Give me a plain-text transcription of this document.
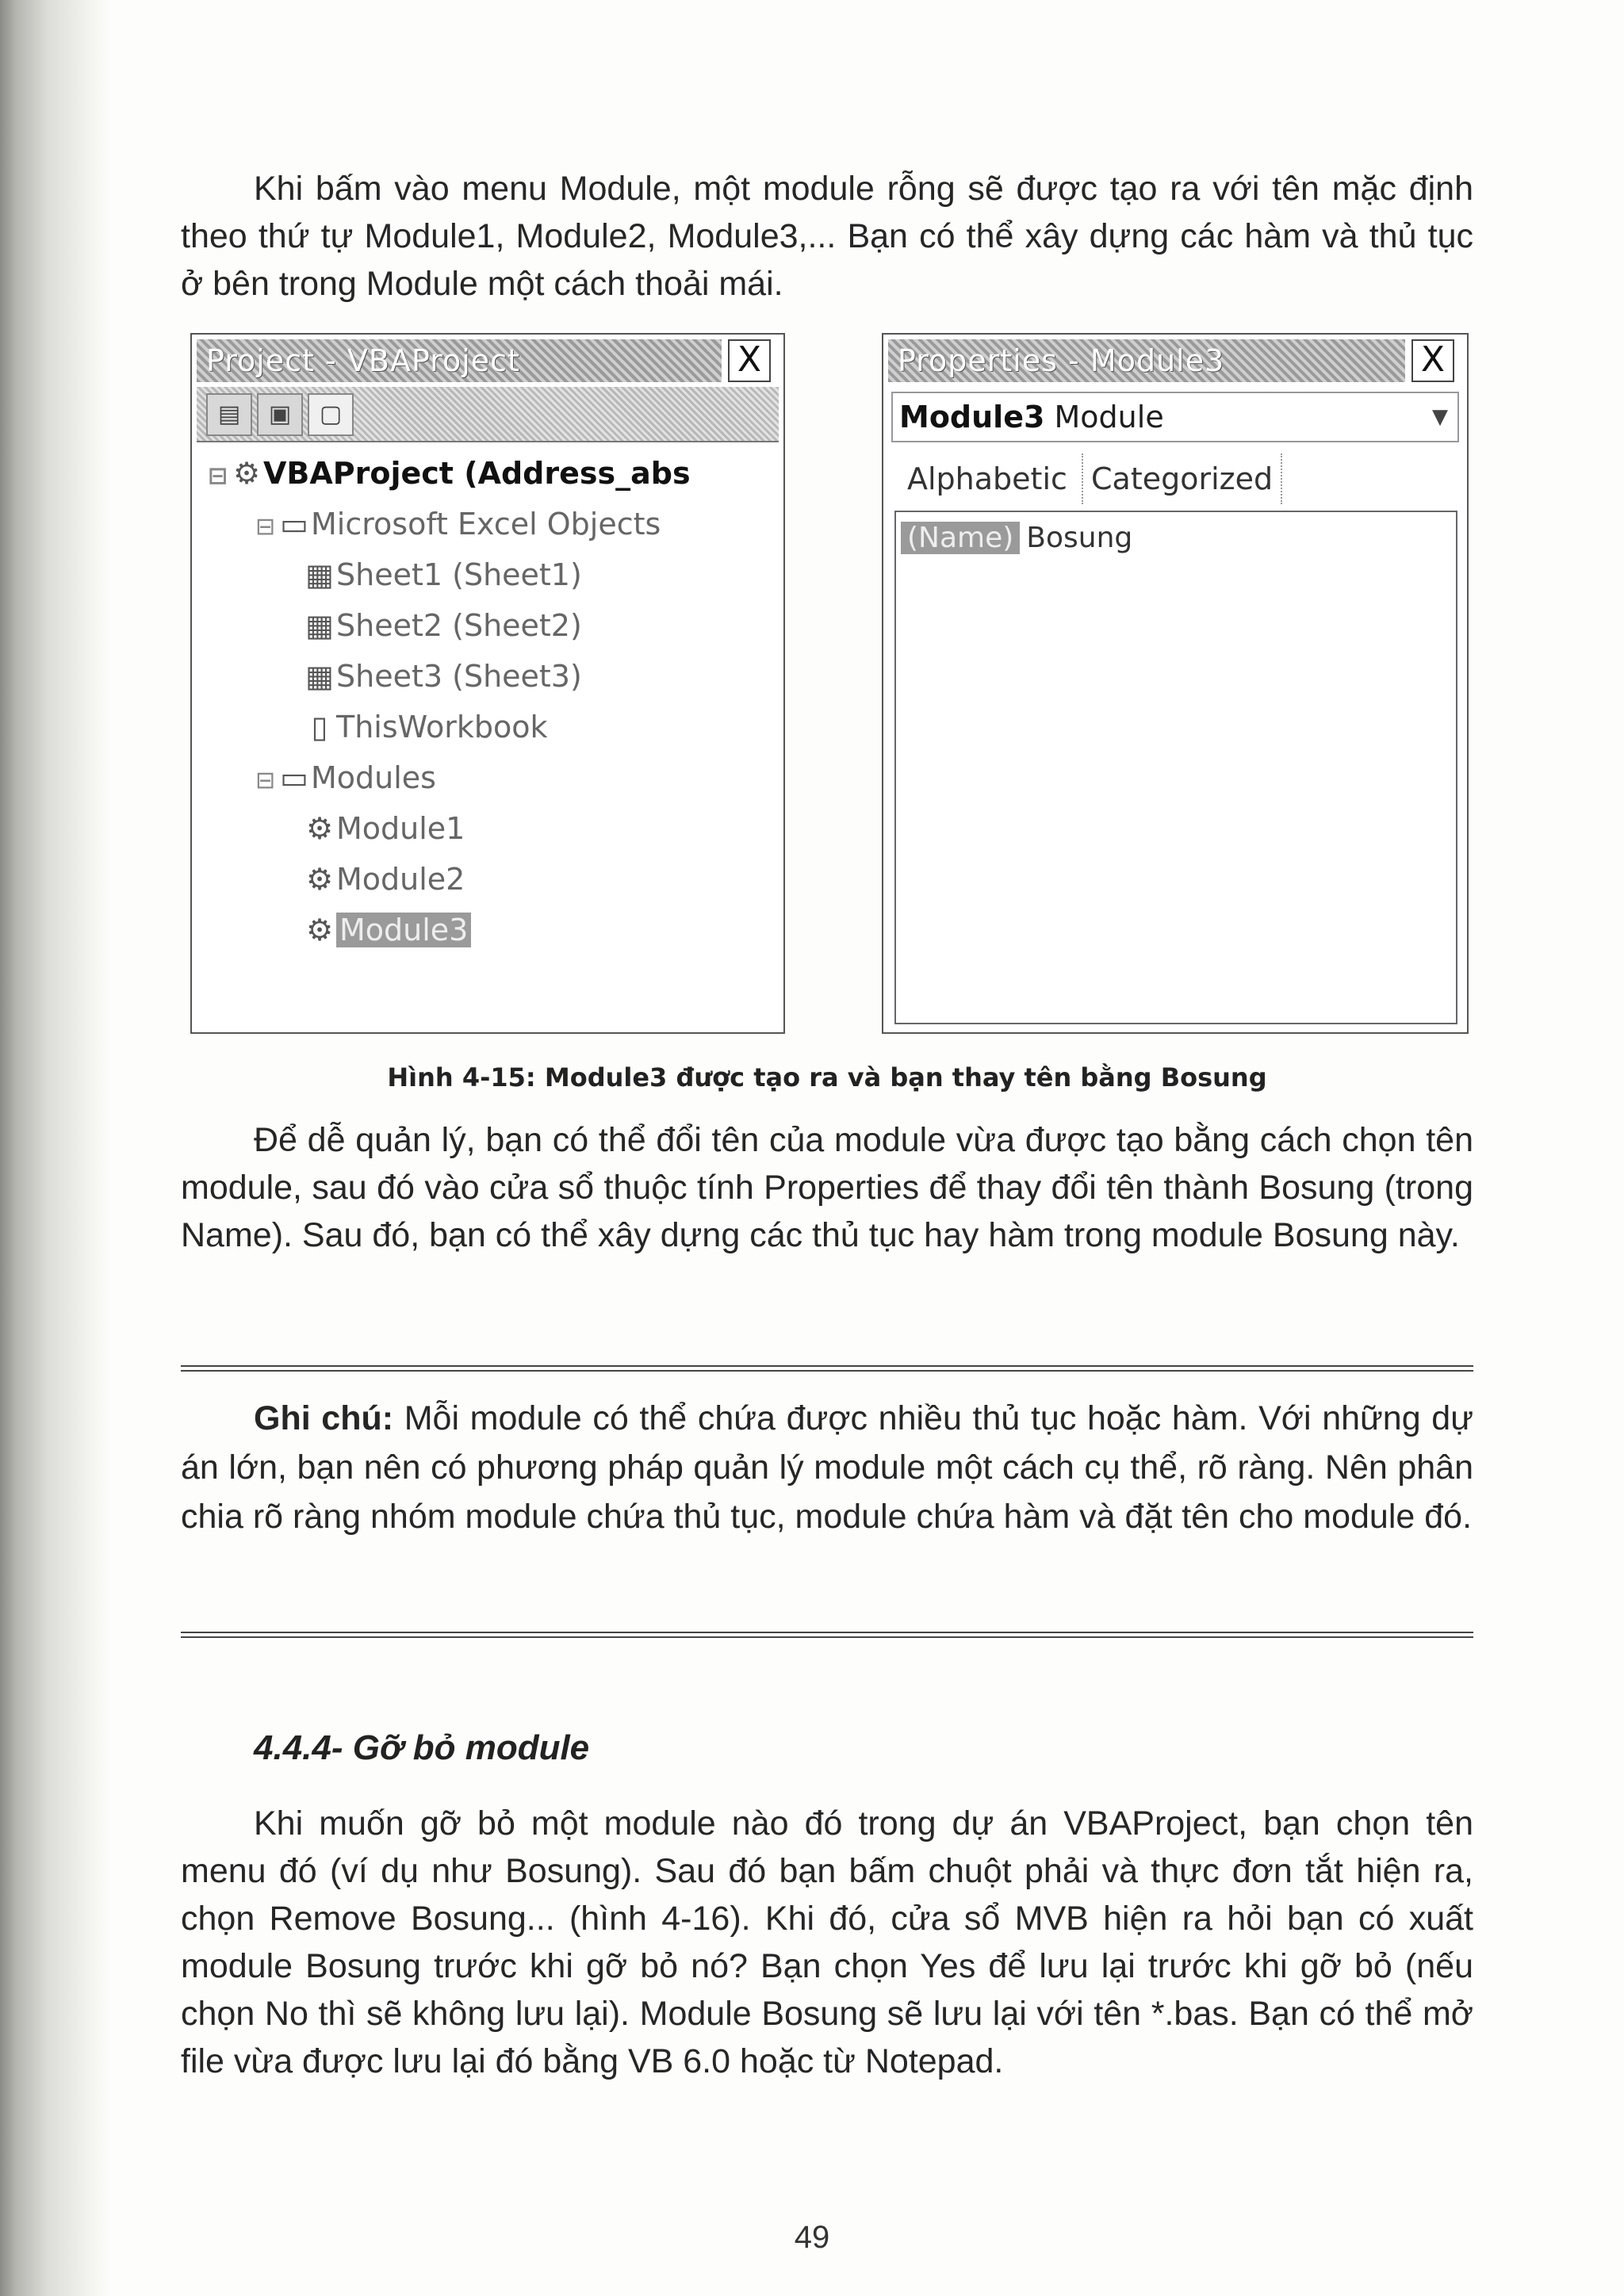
Khi bấm vào menu Module, một module rỗng sẽ được tạo ra với tên mặc định theo thứ tự Module1, Module2, Module3,... Bạn có thể xây dựng các hàm và thủ tục ở bên trong Module một cách thoải mái.

Project - VBAProject	X
▤	▣	▢
⊟ ⚙ VBAProject (Address_abs
⊟ ▭Microsoft Excel Objects
▦Sheet1 (Sheet1)
▦Sheet2 (Sheet2)
▦Sheet3 (Sheet3)
▯ ThisWorkbook
⊟ ▭Modules
⚙ Module1
⚙ Module2
⚙ Module3
Properties - Module3	X
Module3 Module	▼
Alphabetic Categorized
(Name) Bosung
Hình 4-15: Module3 được tạo ra và bạn thay tên bằng Bosung

Để dễ quản lý, bạn có thể đổi tên của module vừa được tạo bằng cách chọn tên module, sau đó vào cửa sổ thuộc tính Properties để thay đổi tên thành Bosung (trong Name). Sau đó, bạn có thể xây dựng các thủ tục hay hàm trong module Bosung này.

Ghi chú: Mỗi module có thể chứa được nhiều thủ tục hoặc hàm. Với những dự án lớn, bạn nên có phương pháp quản lý module một cách cụ thể, rõ ràng. Nên phân chia rõ ràng nhóm module chứa thủ tục, module chứa hàm và đặt tên cho module đó.

4.4.4- Gỡ bỏ module

Khi muốn gỡ bỏ một module nào đó trong dự án VBAProject, bạn chọn tên menu đó (ví dụ như Bosung). Sau đó bạn bấm chuột phải và thực đơn tắt hiện ra, chọn Remove Bosung... (hình 4-16). Khi đó, cửa sổ MVB hiện ra hỏi bạn có xuất module Bosung trước khi gỡ bỏ nó? Bạn chọn Yes để lưu lại trước khi gỡ bỏ (nếu chọn No thì sẽ không lưu lại). Module Bosung sẽ lưu lại với tên *.bas. Bạn có thể mở file vừa được lưu lại đó bằng VB 6.0 hoặc từ Notepad.

49
